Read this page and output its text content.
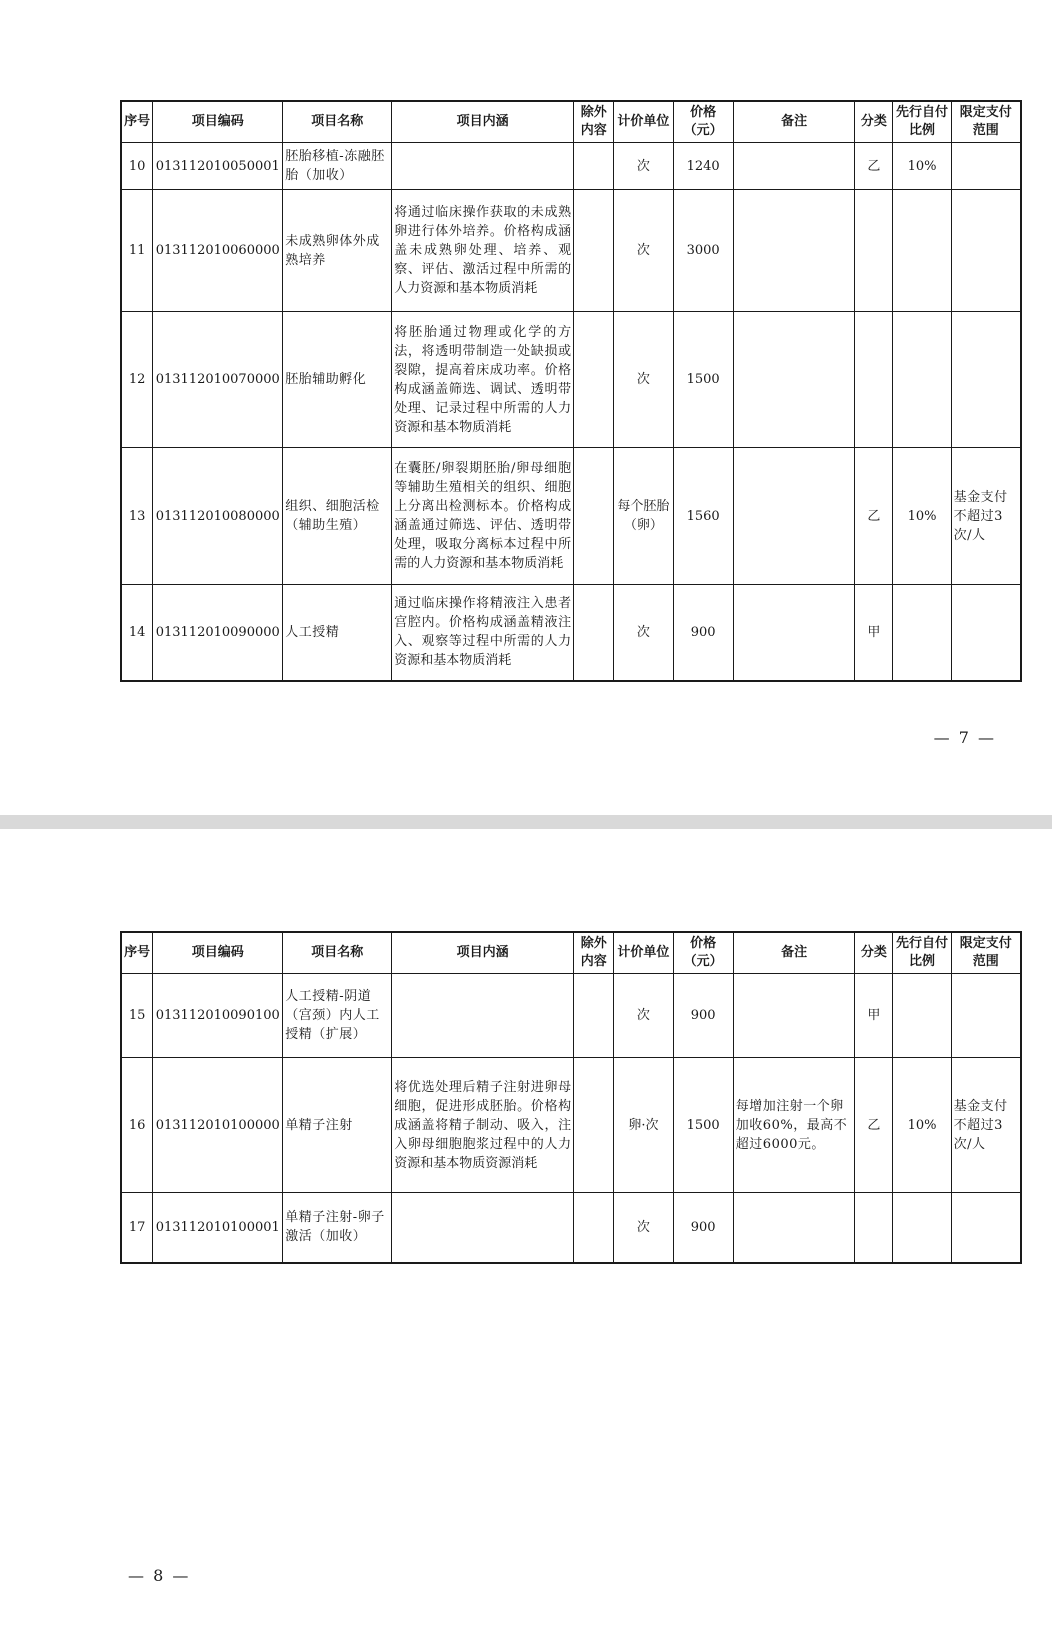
序号	项目编码	项目名称	项目内涵	除外内容	计价单位	价格（元）	备注	分类	先行自付比例	限定支付范围
10	013112010050001	胚胎移植-冻融胚胎（加收）			次	1240		乙	10%	
11	013112010060000	未成熟卵体外成熟培养	将通过临床操作获取的未成熟卵进行体外培养。价格构成涵盖未成熟卵处理、培养、观察、评估、激活过程中所需的人力资源和基本物质消耗		次	3000				
12	013112010070000	胚胎辅助孵化	将胚胎通过物理或化学的方法，将透明带制造一处缺损或裂隙，提高着床成功率。价格构成涵盖筛选、调试、透明带处理、记录过程中所需的人力资源和基本物质消耗		次	1500				
13	013112010080000	组织、细胞活检（辅助生殖）	在囊胚/卵裂期胚胎/卵母细胞等辅助生殖相关的组织、细胞上分离出检测标本。价格构成涵盖通过筛选、评估、透明带处理，吸取分离标本过程中所需的人力资源和基本物质消耗		每个胚胎（卵）	1560		乙	10%	基金支付不超过3次/人
14	013112010090000	人工授精	通过临床操作将精液注入患者宫腔内。价格构成涵盖精液注入、观察等过程中所需的人力资源和基本物质消耗		次	900		甲		
— 7 —
序号	项目编码	项目名称	项目内涵	除外内容	计价单位	价格（元）	备注	分类	先行自付比例	限定支付范围
15	013112010090100	人工授精-阴道（宫颈）内人工授精（扩展）			次	900		甲		
16	013112010100000	单精子注射	将优选处理后精子注射进卵母细胞，促进形成胚胎。价格构成涵盖将精子制动、吸入，注入卵母细胞胞浆过程中的人力资源和基本物质资源消耗		卵·次	1500	每增加注射一个卵加收60%，最高不超过6000元。	乙	10%	基金支付不超过3次/人
17	013112010100001	单精子注射-卵子激活（加收）			次	900				
— 8 —
